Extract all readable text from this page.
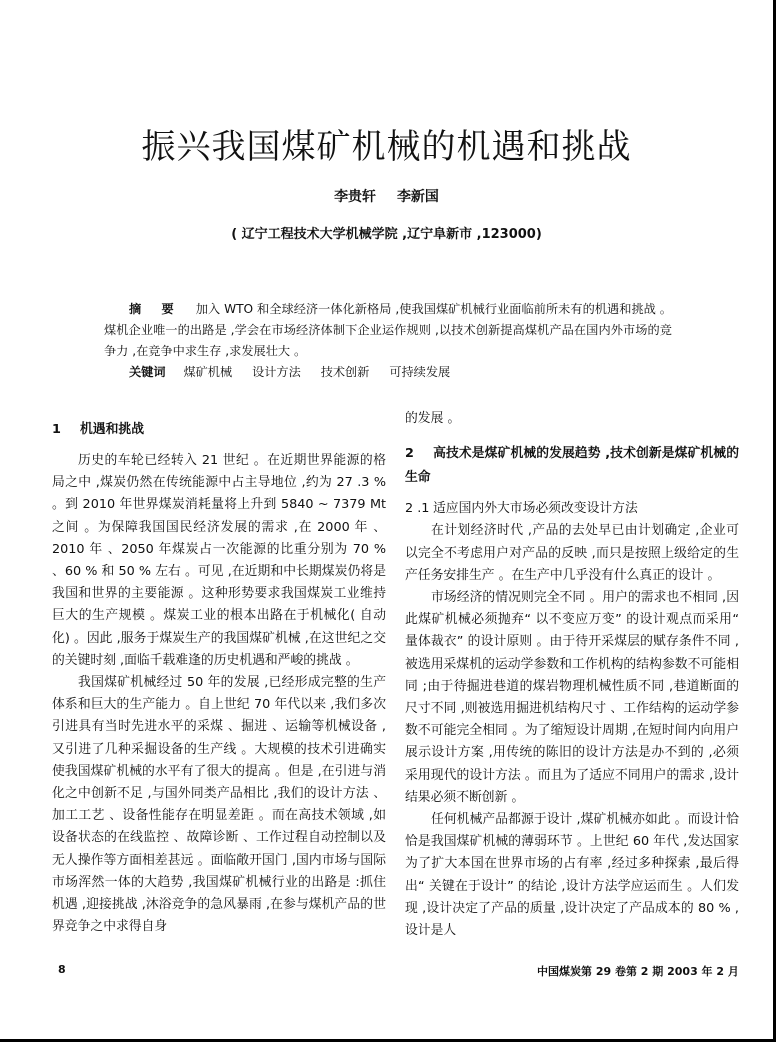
振兴我国煤矿机械的机遇和挑战
李贵轩 李新国
( 辽宁工程技术大学机械学院 ,辽宁阜新市 ,123000)

摘 要 加入 WTO 和全球经济一体化新格局 ,使我国煤矿机械行业面临前所未有的机遇和挑战 。煤机企业唯一的出路是 ,学会在市场经济体制下企业运作规则 ,以技术创新提高煤机产品在国内外市场的竞争力 ,在竞争中求生存 ,求发展壮大 。

关键词 煤矿机械 设计方法 技术创新 可持续发展

1 机遇和挑战

历史的车轮已经转入 21 世纪 。在近期世界能源的格局之中 ,煤炭仍然在传统能源中占主导地位 ,约为 27 .3 % 。到 2010 年世界煤炭消耗量将上升到 5840 ~ 7379 Mt 之间 。为保障我国国民经济发展的需求 ,在 2000 年 、2010 年 、2050 年煤炭占一次能源的比重分别为 70 % 、60 % 和 50 % 左右 。可见 ,在近期和中长期煤炭仍将是我国和世界的主要能源 。这种形势要求我国煤炭工业维持巨大的生产规模 。煤炭工业的根本出路在于机械化( 自动化) 。因此 ,服务于煤炭生产的我国煤矿机械 ,在这世纪之交的关键时刻 ,面临千载难逢的历史机遇和严峻的挑战 。

我国煤矿机械经过 50 年的发展 ,已经形成完整的生产体系和巨大的生产能力 。自上世纪 70 年代以来 ,我们多次引进具有当时先进水平的采煤 、掘进 、运输等机械设备 ,又引进了几种采掘设备的生产线 。大规模的技术引进确实使我国煤矿机械的水平有了很大的提高 。但是 ,在引进与消化之中创新不足 ,与国外同类产品相比 ,我们的设计方法 、加工工艺 、设备性能存在明显差距 。而在高技术领域 ,如设备状态的在线监控 、故障诊断 、工作过程自动控制以及无人操作等方面相差甚远 。面临敞开国门 ,国内市场与国际市场浑然一体的大趋势 ,我国煤矿机械行业的出路是 :抓住机遇 ,迎接挑战 ,沐浴竞争的急风暴雨 ,在参与煤机产品的世界竞争之中求得自身

的发展 。

2 高技术是煤矿机械的发展趋势 ,技术创新是煤矿机械的生命

2 .1 适应国内外大市场必须改变设计方法

在计划经济时代 ,产品的去处早已由计划确定 ,企业可以完全不考虑用户对产品的反映 ,而只是按照上级给定的生产任务安排生产 。在生产中几乎没有什么真正的设计 。

市场经济的情况则完全不同 。用户的需求也不相同 ,因此煤矿机械必须抛弃“ 以不变应万变” 的设计观点而采用“ 量体裁衣” 的设计原则 。由于待开采煤层的赋存条件不同 ,被选用采煤机的运动学参数和工作机构的结构参数不可能相同 ;由于待掘进巷道的煤岩物理机械性质不同 ,巷道断面的尺寸不同 ,则被选用掘进机结构尺寸 、工作结构的运动学参数不可能完全相同 。为了缩短设计周期 ,在短时间内向用户展示设计方案 ,用传统的陈旧的设计方法是办不到的 ,必须采用现代的设计方法 。而且为了适应不同用户的需求 ,设计结果必须不断创新 。

任何机械产品都源于设计 ,煤矿机械亦如此 。而设计恰恰是我国煤矿机械的薄弱环节 。上世纪 60 年代 ,发达国家为了扩大本国在世界市场的占有率 ,经过多种探索 ,最后得出“ 关键在于设计” 的结论 ,设计方法学应运而生 。人们发现 ,设计决定了产品的质量 ,设计决定了产品成本的 80 % ,设计是人

8	中国煤炭第 29 卷第 2 期 2003 年 2 月
